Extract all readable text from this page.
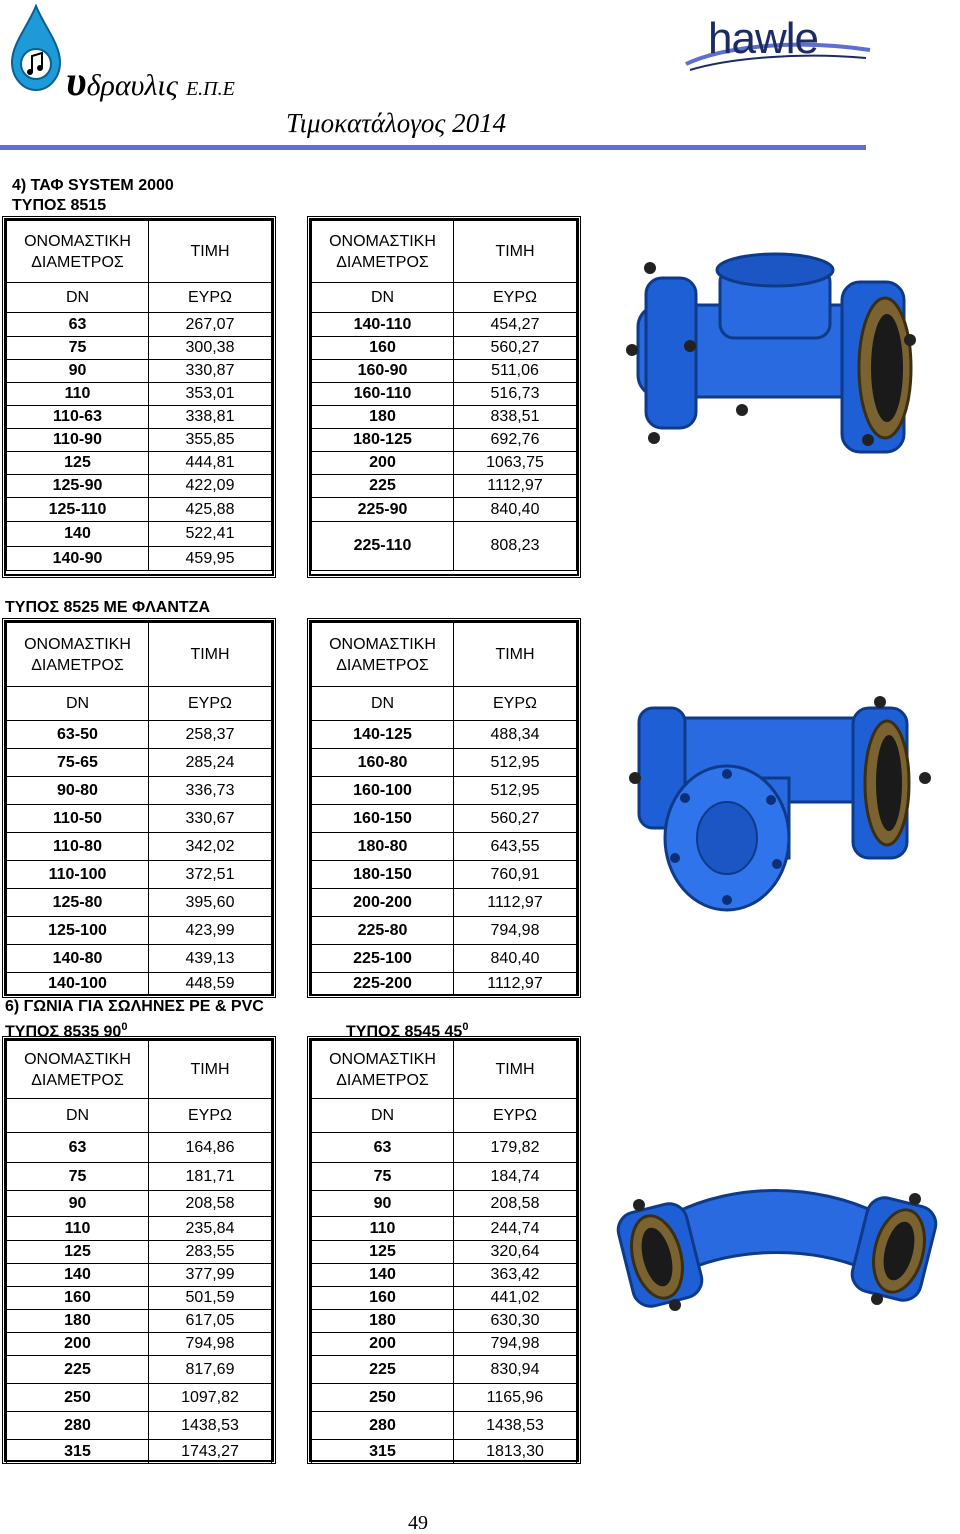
υδραυλις Ε.Π.Ε
Τιμοκατάλογος 2014
hawle
4) ΤΑΦ SYSTEM 2000
ΤΥΠΟΣ 8515
ΟΝΟΜΑΣΤΙΚΗ ΔΙΑΜΕΤΡΟΣ	ΤΙΜΗ
DN	ΕΥΡΩ
63	267,07
75	300,38
90	330,87
110	353,01
110-63	338,81
110-90	355,85
125	444,81
125-90	422,09
125-110	425,88
140	522,41
140-90	459,95
ΟΝΟΜΑΣΤΙΚΗ ΔΙΑΜΕΤΡΟΣ	ΤΙΜΗ
DN	ΕΥΡΩ
140-110	454,27
160	560,27
160-90	511,06
160-110	516,73
180	838,51
180-125	692,76
200	1063,75
225	1112,97
225-90	840,40
225-110	808,23
ΤΥΠΟΣ 8525 ΜΕ ΦΛΑΝΤΖΑ
ΟΝΟΜΑΣΤΙΚΗ ΔΙΑΜΕΤΡΟΣ	ΤΙΜΗ
DN	ΕΥΡΩ
63-50	258,37
75-65	285,24
90-80	336,73
110-50	330,67
110-80	342,02
110-100	372,51
125-80	395,60
125-100	423,99
140-80	439,13
140-100	448,59
ΟΝΟΜΑΣΤΙΚΗ ΔΙΑΜΕΤΡΟΣ	ΤΙΜΗ
DN	ΕΥΡΩ
140-125	488,34
160-80	512,95
160-100	512,95
160-150	560,27
180-80	643,55
180-150	760,91
200-200	1112,97
225-80	794,98
225-100	840,40
225-200	1112,97
6) ΓΩΝΙΑ ΓΙΑ ΣΩΛΗΝΕΣ PE & PVC
ΤΥΠΟΣ 8535 $90^0$	ΤΥΠΟΣ 8545 $45^0$
ΟΝΟΜΑΣΤΙΚΗ ΔΙΑΜΕΤΡΟΣ	ΤΙΜΗ
DN	ΕΥΡΩ
63	164,86
75	181,71
90	208,58
110	235,84
125	283,55
140	377,99
160	501,59
180	617,05
200	794,98
225	817,69
250	1097,82
280	1438,53
315	1743,27
ΟΝΟΜΑΣΤΙΚΗ ΔΙΑΜΕΤΡΟΣ	ΤΙΜΗ
DN	ΕΥΡΩ
63	179,82
75	184,74
90	208,58
110	244,74
125	320,64
140	363,42
160	441,02
180	630,30
200	794,98
225	830,94
250	1165,96
280	1438,53
315	1813,30
49
